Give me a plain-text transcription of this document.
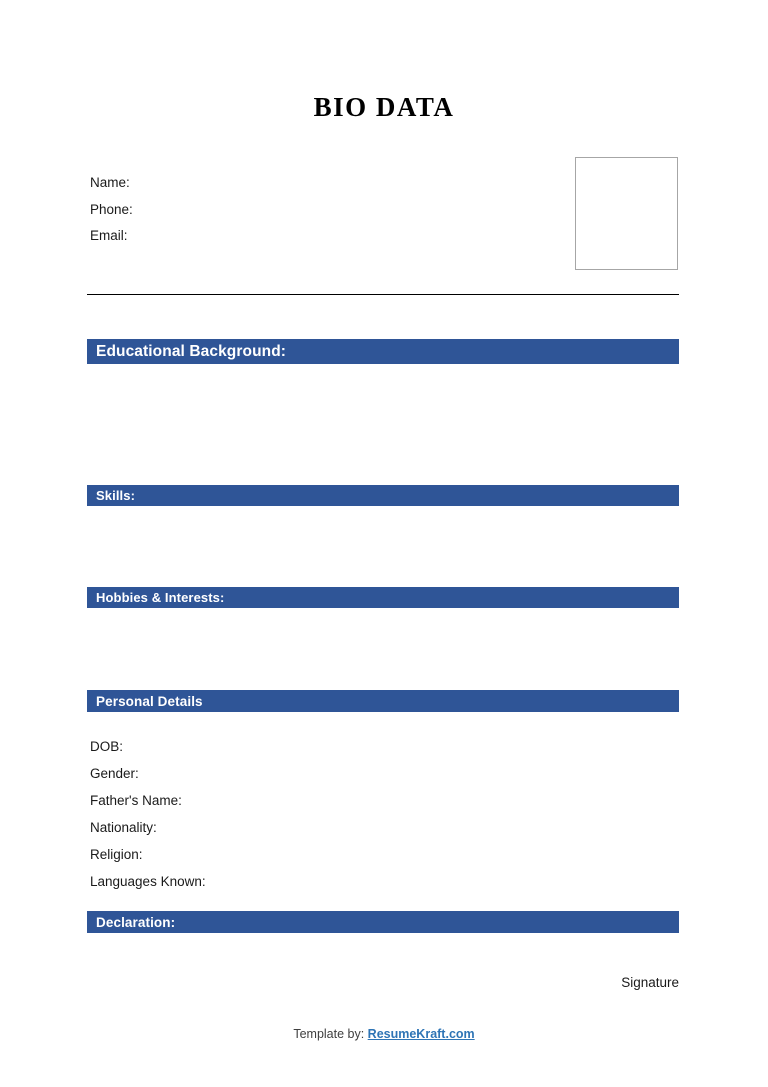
BIO DATA
Name:
Phone:
Email:
Educational Background:
Skills:
Hobbies & Interests:
Personal Details
DOB:
Gender:
Father's Name:
Nationality:
Religion:
Languages Known:
Declaration:
Signature
Template by: ResumeKraft.com
